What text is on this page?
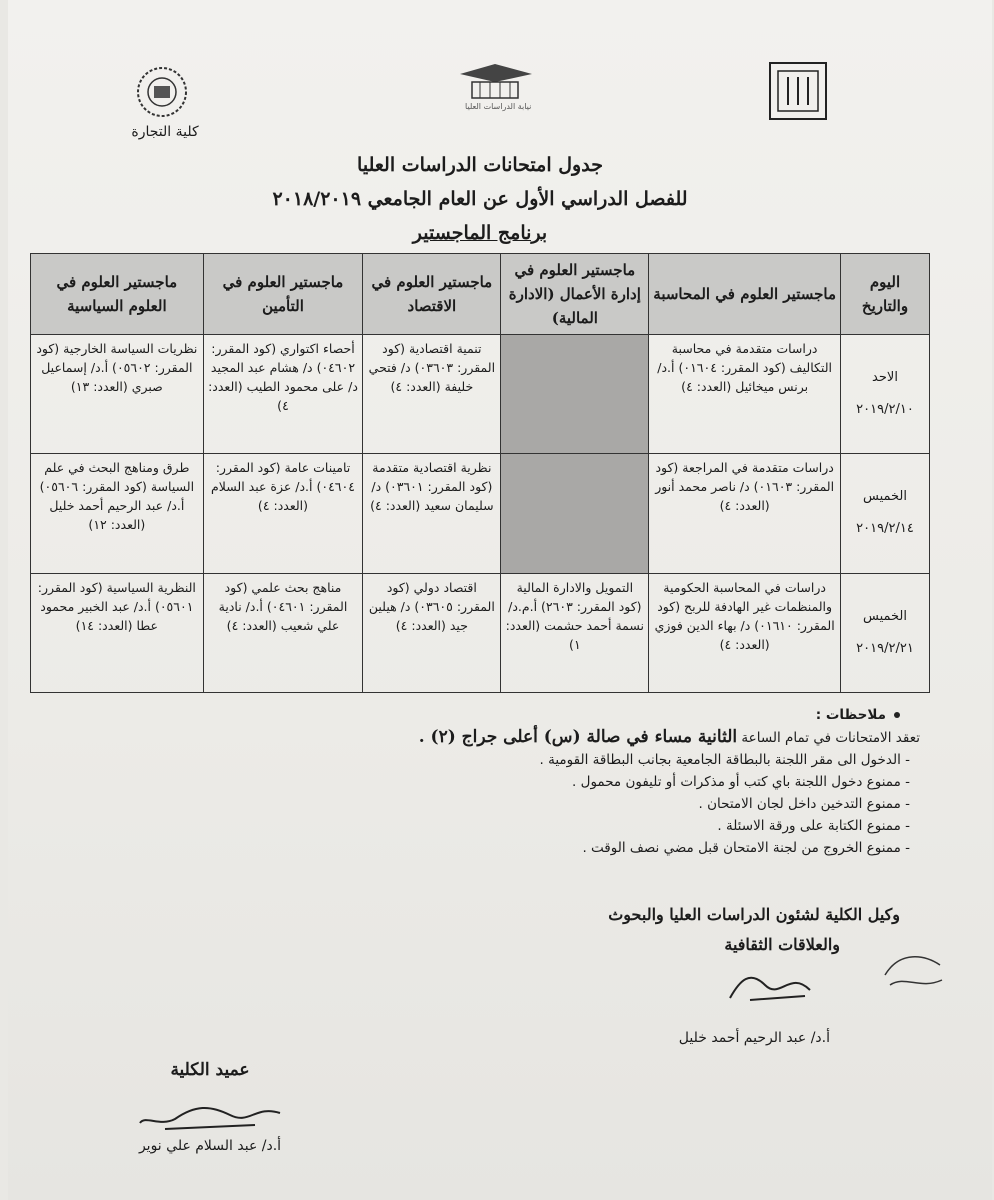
نيابة الدراسات العليا
كلية التجارة
جدول امتحانات الدراسات العليا
للفصل الدراسي الأول عن العام الجامعي ٢٠١٨/٢٠١٩
برنامج الماجستير
اليوم والتاريخ	ماجستير العلوم في المحاسبة	ماجستير العلوم في إدارة الأعمال (الادارة المالية)	ماجستير العلوم في الاقتصاد	ماجستير العلوم في التأمين	ماجستير العلوم في العلوم السياسية

الاحد
٢٠١٩/٢/١٠	دراسات متقدمة في محاسبة التكاليف (كود المقرر: ٠١٦٠٤) أ.د/ برنس ميخائيل (العدد: ٤)		تنمية اقتصادية (كود المقرر: ٠٣٦٠٣) د/ فتحي خليفة (العدد: ٤)	أحصاء اكتواري (كود المقرر: ٠٤٦٠٢) د/ هشام عبد المجيد د/ على محمود الطيب (العدد: ٤)	نظريات السياسة الخارجية (كود المقرر: ٠٥٦٠٢) أ.د/ إسماعيل صبري (العدد: ١٣)

الخميس
٢٠١٩/٢/١٤	دراسات متقدمة في المراجعة (كود المقرر: ٠١٦٠٣) د/ ناصر محمد أنور (العدد: ٤)		نظرية اقتصادية متقدمة (كود المقرر: ٠٣٦٠١) د/ سليمان سعيد (العدد: ٤)	تامينات عامة (كود المقرر: ٠٤٦٠٤) أ.د/ عزة عبد السلام (العدد: ٤)	طرق ومناهج البحث في علم السياسة (كود المقرر: ٠٥٦٠٦) أ.د/ عبد الرحيم أحمد خليل (العدد: ١٢)

الخميس
٢٠١٩/٢/٢١	دراسات في المحاسبة الحكومية والمنظمات غير الهادفة للربح (كود المقرر: ٠١٦١٠) د/ بهاء الدين فوزي (العدد: ٤)	التمويل والادارة المالية (كود المقرر: ٢٦٠٣) أ.م.د/ نسمة أحمد حشمت (العدد: ١)	اقتصاد دولي (كود المقرر: ٠٣٦٠٥) د/ هيلين جيد (العدد: ٤)	مناهج بحث علمي (كود المقرر: ٠٤٦٠١) أ.د/ نادية علي شعيب (العدد: ٤)	النظرية السياسية (كود المقرر: ٠٥٦٠١) أ.د/ عبد الخبير محمود عطا (العدد: ١٤)
ملاحظات :
تعقد الامتحانات في تمام الساعة الثانية مساء في صالة (س) أعلى جراج (٢) .
- الدخول الى مقر اللجنة بالبطاقة الجامعية بجانب البطاقة القومية .
- ممنوع دخول اللجنة باي كتب أو مذكرات أو تليفون محمول .
- ممنوع التدخين داخل لجان الامتحان .
- ممنوع الكتابة على ورقة الاسئلة .
- ممنوع الخروج من لجنة الامتحان قبل مضي نصف الوقت .
وكيل الكلية لشئون الدراسات العليا والبحوث
والعلاقات الثقافية
أ.د/ عبد الرحيم أحمد خليل
عميد الكلية
أ.د/ عبد السلام علي نوير
